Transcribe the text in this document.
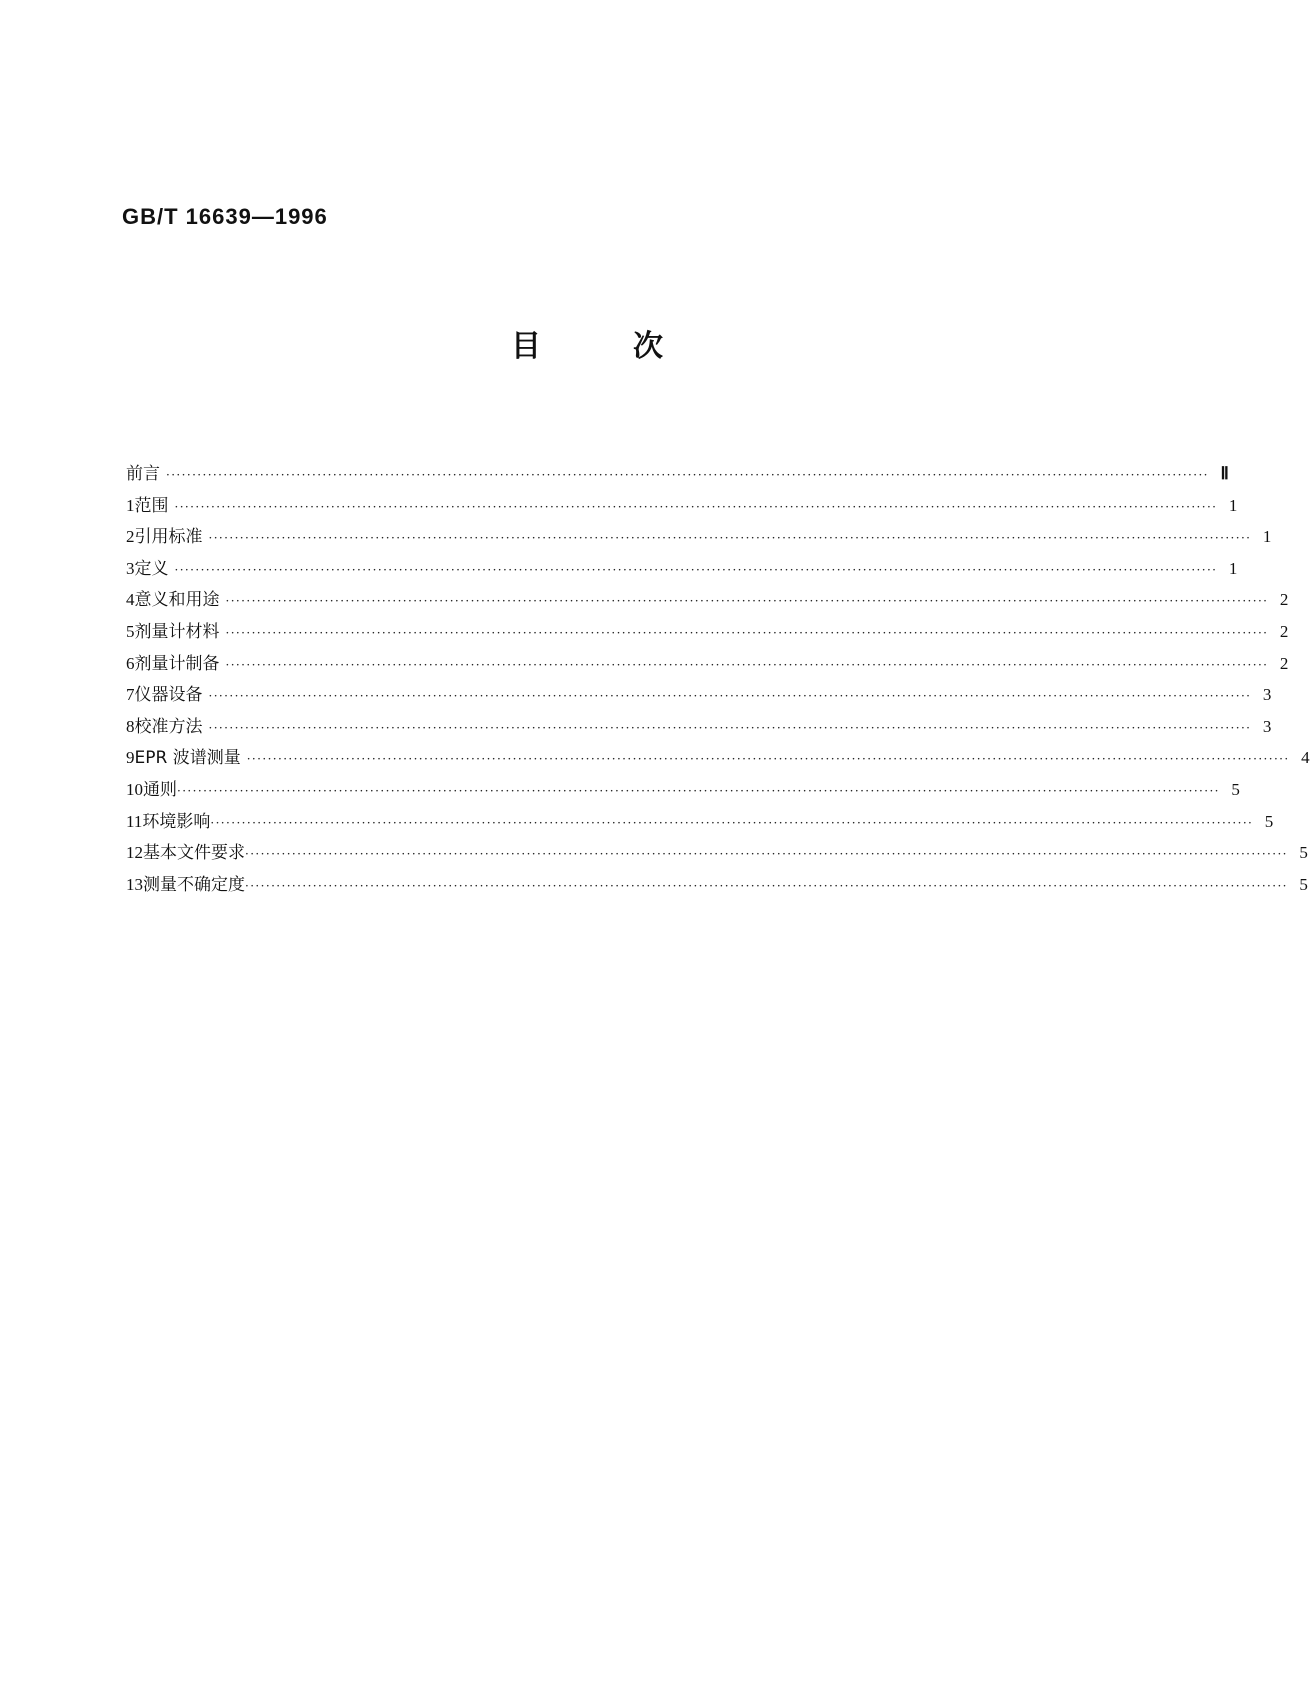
GB/T 16639—1996
目	次
前言 ········································································································································································································ Ⅱ
1 范围 ········································································································································································································ 1
2 引用标准 ········································································································································································································ 1
3 定义 ········································································································································································································ 1
4 意义和用途 ········································································································································································································ 2
5 剂量计材料 ········································································································································································································ 2
6 剂量计制备 ········································································································································································································ 2
7 仪器设备 ········································································································································································································ 3
8 校准方法 ········································································································································································································ 3
9 EPR 波谱测量 ········································································································································································································ 4
10 通则 ········································································································································································································ 5
11 环境影响 ········································································································································································································ 5
12 基本文件要求 ········································································································································································································ 5
13 测量不确定度 ········································································································································································································ 5
